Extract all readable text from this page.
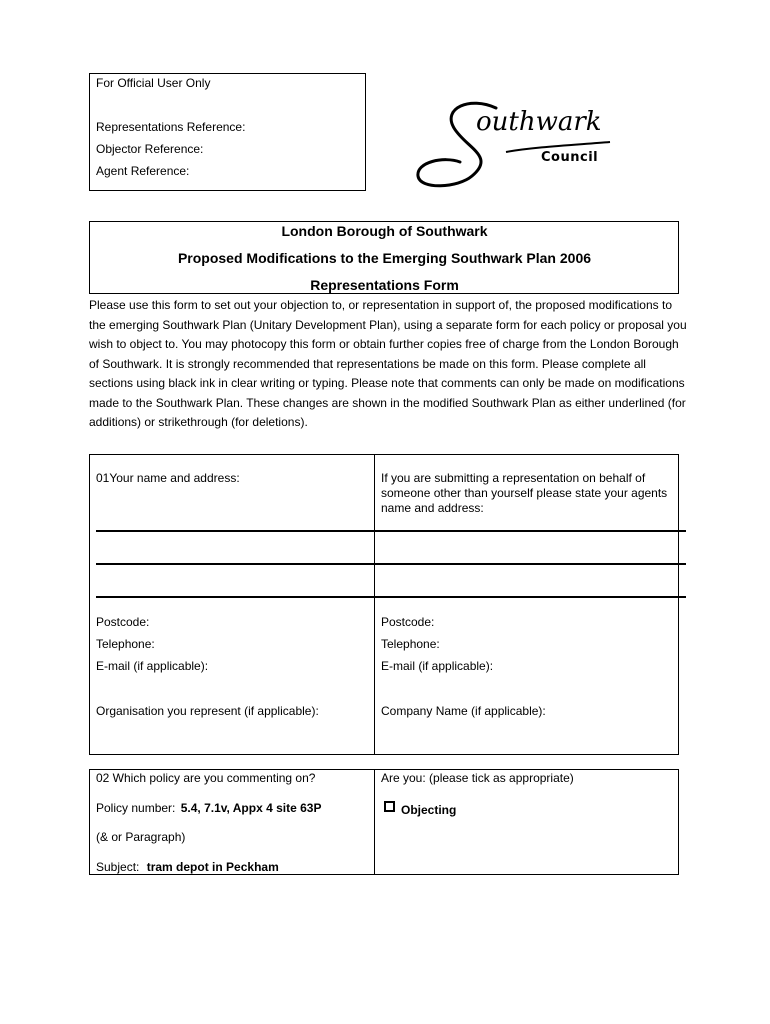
For Official User Only
Representations Reference:
Objector Reference:
Agent Reference:
outhwark
Council
London Borough of Southwark
Proposed Modifications to the Emerging Southwark Plan 2006
Representations Form
Please use this form to set out your objection to, or representation in support of, the proposed modifications to the emerging Southwark Plan (Unitary Development Plan), using a separate form for each policy or proposal you wish to object to. You may photocopy this form or obtain further copies free of charge from the London Borough of Southwark. It is strongly recommended that representations be made on this form. Please complete all sections using black ink in clear writing or typing. Please note that comments can only be made on modifications made to the Southwark Plan. These changes are shown in the modified Southwark Plan as either underlined (for additions) or strikethrough (for deletions).
01Your name and address:	If you are submitting a representation on behalf of someone other than yourself please state your agents name and address:
Postcode:
Telephone:
E-mail (if applicable):
Organisation you represent (if applicable):
Postcode:
Telephone:
E-mail (if applicable):
Company Name (if applicable):
02 Which policy are you commenting on?
Policy number: 5.4, 7.1v, Appx 4 site 63P
(& or Paragraph)
Subject: tram depot in Peckham
Are you: (please tick as appropriate)
Objecting
